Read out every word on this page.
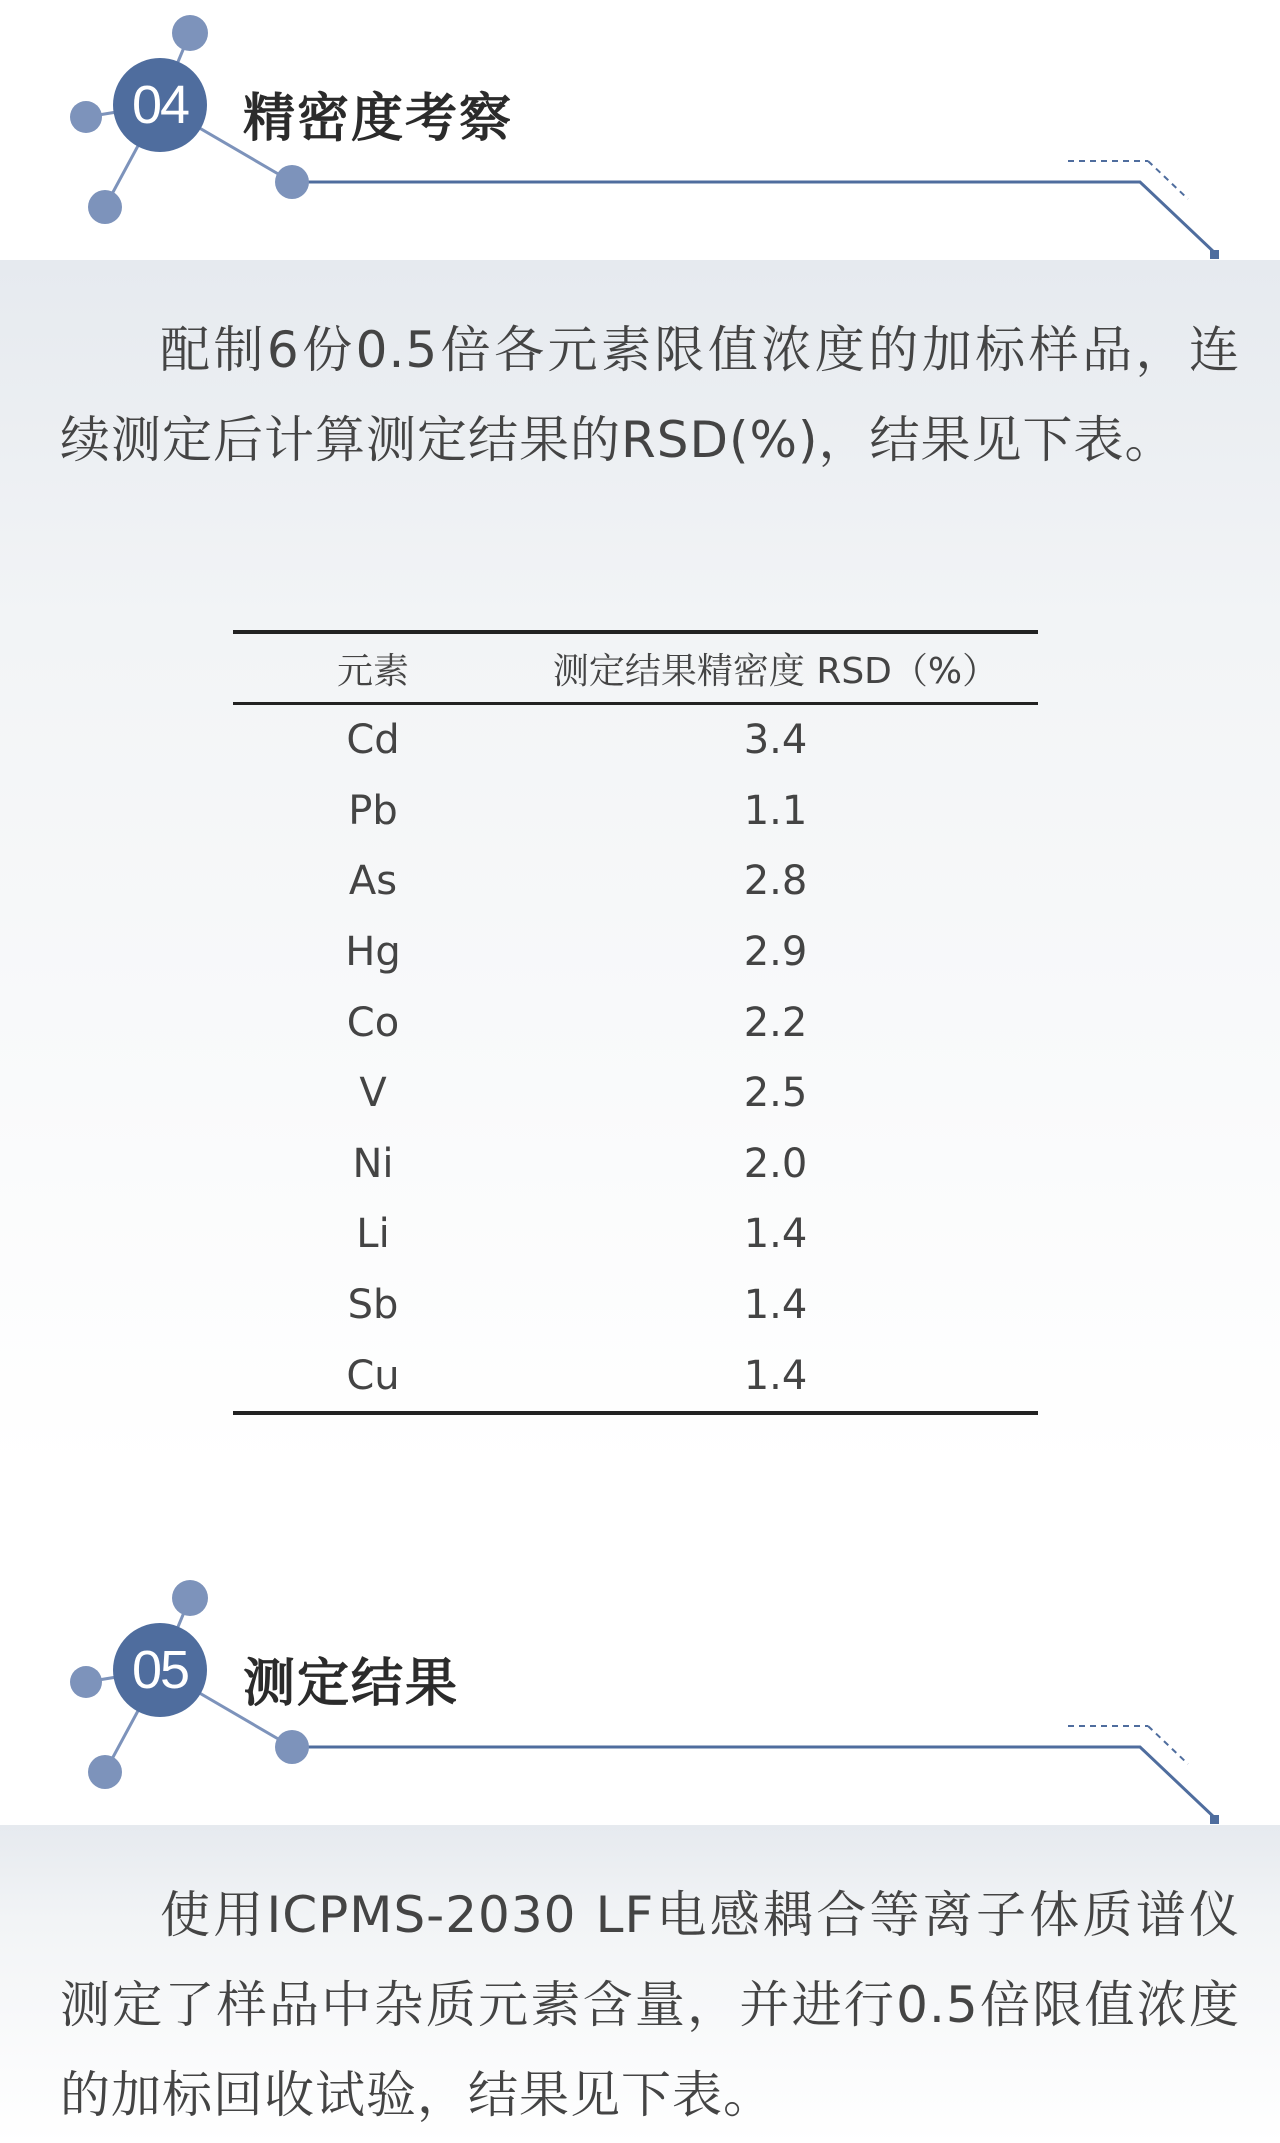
04	精密度考察
配制6份0.5倍各元素限值浓度的加标样品，连续测定后计算测定结果的RSD(%)，结果见下表。
元素	测定结果精密度 RSD（%）
Cd	3.4
Pb	1.1
As	2.8
Hg	2.9
Co	2.2
V	2.5
Ni	2.0
Li	1.4
Sb	1.4
Cu	1.4
05	测定结果
使用ICPMS-2030 LF电感耦合等离子体质谱仪测定了样品中杂质元素含量，并进行0.5倍限值浓度的加标回收试验，结果见下表。
